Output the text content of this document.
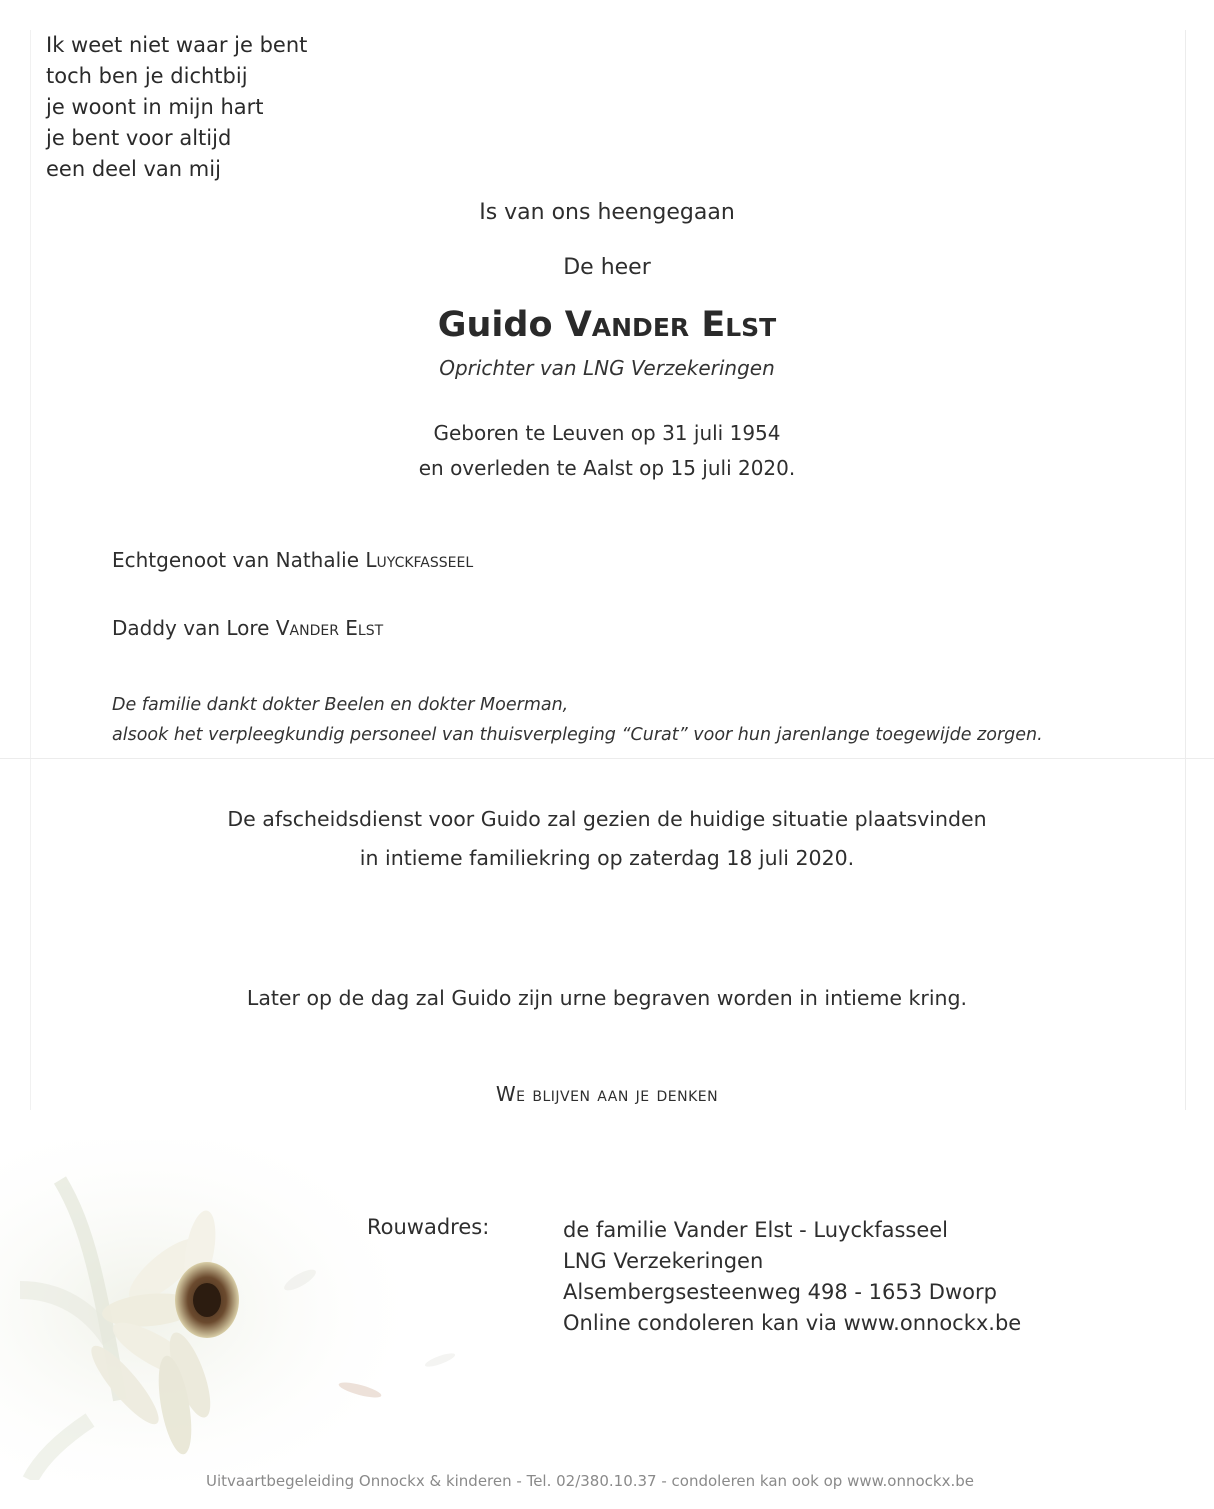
Ik weet niet waar je bent
toch ben je dichtbij
je woont in mijn hart
je bent voor altijd
een deel van mij
Is van ons heengegaan
De heer
Guido Vander Elst
Oprichter van LNG Verzekeringen
Geboren te Leuven op 31 juli 1954
en overleden te Aalst op 15 juli 2020.
Echtgenoot van Nathalie Luyckfasseel
Daddy van Lore Vander Elst
De familie dankt dokter Beelen en dokter Moerman,
alsook het verpleegkundig personeel van thuisverpleging “Curat” voor hun jarenlange toegewijde zorgen.
De afscheidsdienst voor Guido zal gezien de huidige situatie plaatsvinden
in intieme familiekring op zaterdag 18 juli 2020.
Later op de dag zal Guido zijn urne begraven worden in intieme kring.
We blijven aan je denken
Rouwadres:	de familie Vander Elst - Luyckfasseel
LNG Verzekeringen
Alsembergsesteenweg 498 - 1653 Dworp
Online condoleren kan via www.onnockx.be
Uitvaartbegeleiding Onnockx & kinderen - Tel. 02/380.10.37 - condoleren kan ook op www.onnockx.be
